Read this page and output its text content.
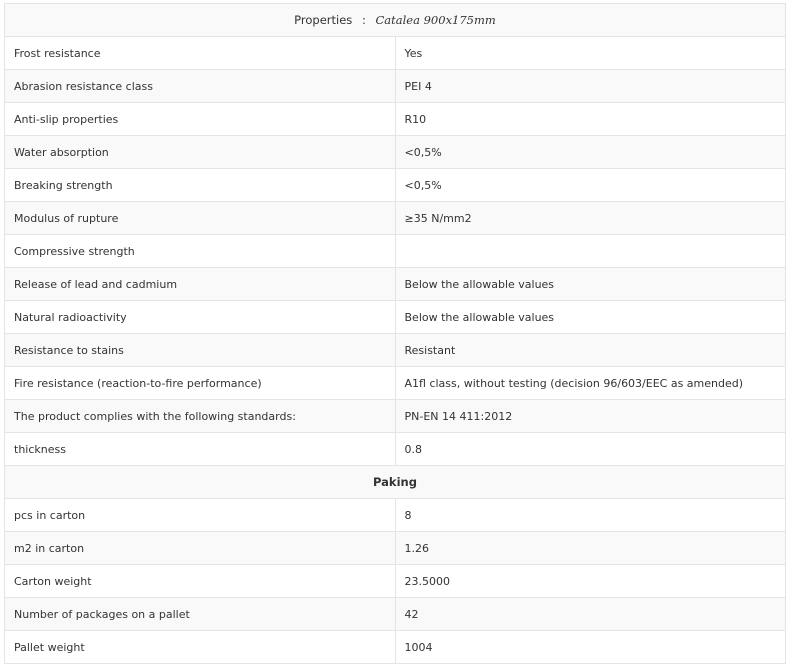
Properties : Catalea 900x175mm	
Frost resistance	Yes
Abrasion resistance class	PEI 4
Anti-slip properties	R10
Water absorption	<0,5%
Breaking strength	<0,5%
Modulus of rupture	≥35 N/mm2
Compressive strength	
Release of lead and cadmium	Below the allowable values
Natural radioactivity	Below the allowable values
Resistance to stains	Resistant
Fire resistance (reaction-to-fire performance)	A1fl class, without testing (decision 96/603/EEC as amended)
The product complies with the following standards:	PN-EN 14 411:2012
thickness	0.8
Paking	
pcs in carton	8
m2 in carton	1.26
Carton weight	23.5000
Number of packages on a pallet	42
Pallet weight	1004
